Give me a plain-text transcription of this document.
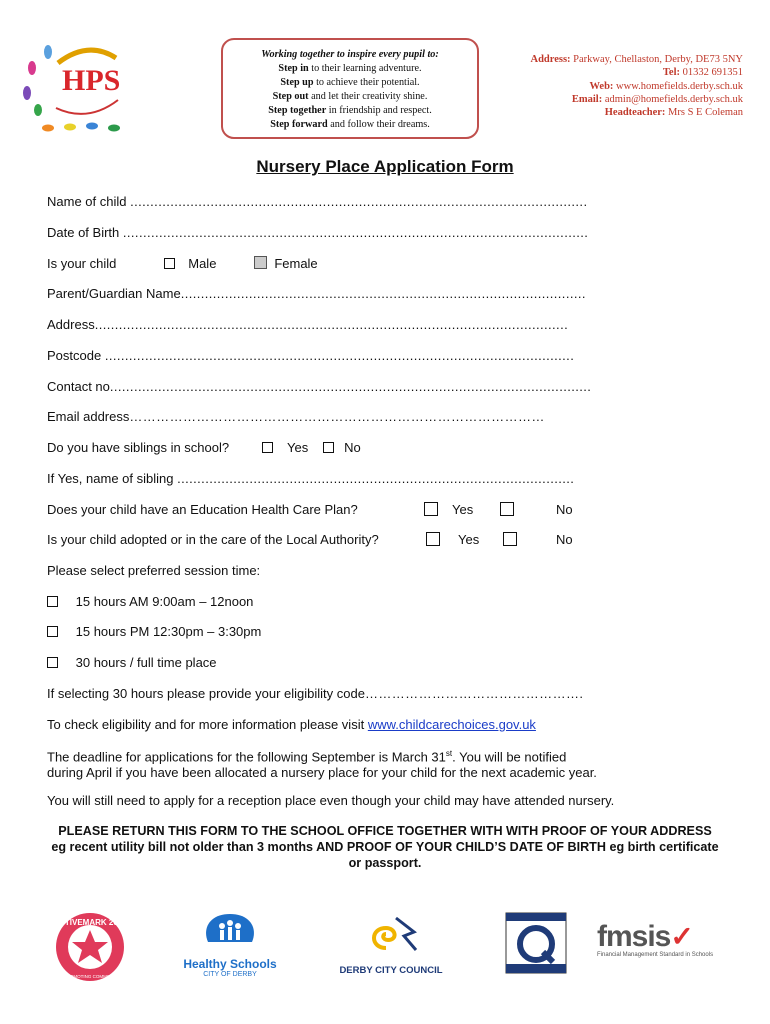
HPS
Working together to inspire every pupil to:
Step in to their learning adventure.
Step up to achieve their potential.
Step out and let their creativity shine.
Step together in friendship and respect.
Step forward and follow their dreams.
Address: Parkway, Chellaston, Derby, DE73 5NY
Tel: 01332 691351
Web: www.homefields.derby.sch.uk
Email: admin@homefields.derby.sch.uk
Headteacher: Mrs S E Coleman
Nursery Place Application Form
Name of child ..................................................................................................................
Date of Birth ....................................................................................................................
Is your child	Male	Female
Parent/Guardian Name.....................................................................................................
Address......................................................................................................................
Postcode .....................................................................................................................
Contact no........................................................................................................................
Email address…………………………………………………………………………………
Do you have siblings in school?	Yes	No
If Yes, name of sibling ...................................................................................................
Does your child have an Education Health Care Plan?	Yes	No
Is your child adopted or in the care of the Local Authority?	Yes	No
Please select preferred session time:
15 hours AM 9:00am – 12noon
15 hours PM 12:30pm – 3:30pm
30 hours / full time place
If selecting 30 hours please provide your eligibility code………………………………………….
To check eligibility and for more information please visit www.childcarechoices.gov.uk
The deadline for applications for the following September is March 31st. You will be notified
during April if you have been allocated a nursery place for your child for the next academic year.
You will still need to apply for a reception place even though your child may have attended nursery.
PLEASE RETURN THIS FORM TO THE SCHOOL OFFICE TOGETHER WITH WITH PROOF OF YOUR ADDRESS eg recent utility bill not older than 3 months AND PROOF OF YOUR CHILD’S DATE OF BIRTH eg birth certificate or passport.
ACTIVEMARK 2008
SE PROMOTING COMMITMENT
Healthy Schools
CITY OF DERBY	DERBY CITY COUNCIL
fmsis✓
Financial Management Standard in Schools
